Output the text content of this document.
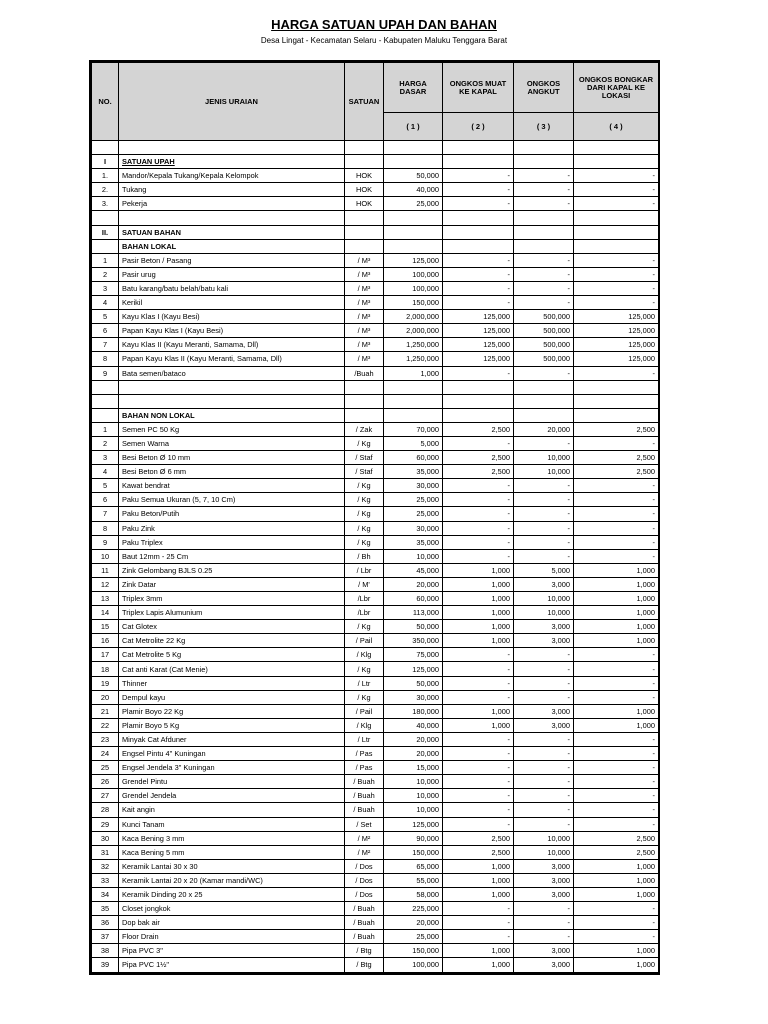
HARGA SATUAN UPAH DAN BAHAN
Desa Lingat - Kecamatan Selaru - Kabupaten Maluku Tenggara Barat
NO.	JENIS URAIAN	SATUAN	HARGA DASAR	ONGKOS MUAT KE KAPAL	ONGKOS ANGKUT	ONGKOS BONGKAR DARI KAPAL KE LOKASI
			( 1 )	( 2 )	( 3 )	( 4 )

I	SATUAN UPAH					
1.	Mandor/Kepala Tukang/Kepala Kelompok	HOK	50,000	-	-	-
2.	Tukang	HOK	40,000	-	-	-
3.	Pekerja	HOK	25,000	-	-	-

II.	SATUAN BAHAN					
	BAHAN LOKAL					
1	Pasir Beton / Pasang	/ M³	125,000	-	-	-
2	Pasir urug	/ M³	100,000	-	-	-
3	Batu karang/batu belah/batu kali	/ M³	100,000	-	-	-
4	Kerikil	/ M³	150,000	-	-	-
5	Kayu Klas I (Kayu Besi)	/ M³	2,000,000	125,000	500,000	125,000
6	Papan Kayu Klas I (Kayu Besi)	/ M³	2,000,000	125,000	500,000	125,000
7	Kayu Klas II (Kayu Meranti, Samama, Dll)	/ M³	1,250,000	125,000	500,000	125,000
8	Papan Kayu Klas II (Kayu Meranti, Samama, Dll)	/ M³	1,250,000	125,000	500,000	125,000
9	Bata semen/bataco	/Buah	1,000	-	-	-

	BAHAN NON LOKAL					
1	Semen PC 50 Kg	/ Zak	70,000	2,500	20,000	2,500
2	Semen Warna	/ Kg	5,000	-	-	-
3	Besi Beton Ø 10 mm	/ Staf	60,000	2,500	10,000	2,500
4	Besi Beton Ø 6 mm	/ Staf	35,000	2,500	10,000	2,500
5	Kawat bendrat	/ Kg	30,000	-	-	-
6	Paku Semua Ukuran (5, 7, 10 Cm)	/ Kg	25,000	-	-	-
7	Paku Beton/Putih	/ Kg	25,000	-	-	-
8	Paku Zink	/ Kg	30,000	-	-	-
9	Paku Triplex	/ Kg	35,000	-	-	-
10	Baut 12mm - 25 Cm	/ Bh	10,000	-	-	-
11	Zink Gelombang BJLS 0.25	/ Lbr	45,000	1,000	5,000	1,000
12	Zink Datar	/ M'	20,000	1,000	3,000	1,000
13	Triplex 3mm	/Lbr	60,000	1,000	10,000	1,000
14	Triplex Lapis Alumunium	/Lbr	113,000	1,000	10,000	1,000
15	Cat Glotex	/ Kg	50,000	1,000	3,000	1,000
16	Cat Metrolite 22 Kg	/ Pail	350,000	1,000	3,000	1,000
17	Cat Metrolite 5 Kg	/ Klg	75,000	-	-	-
18	Cat anti Karat (Cat Menie)	/ Kg	125,000	-	-	-
19	Thinner	/ Ltr	50,000	-	-	-
20	Dempul kayu	/ Kg	30,000	-	-	-
21	Plamir Boyo 22 Kg	/ Pail	180,000	1,000	3,000	1,000
22	Plamir Boyo 5 Kg	/ Klg	40,000	1,000	3,000	1,000
23	Minyak Cat Afduner	/ Ltr	20,000	-	-	-
24	Engsel Pintu 4" Kuningan	/ Pas	20,000	-	-	-
25	Engsel Jendela 3" Kuningan	/ Pas	15,000	-	-	-
26	Grendel Pintu	/ Buah	10,000	-	-	-
27	Grendel Jendela	/ Buah	10,000	-	-	-
28	Kait angin	/ Buah	10,000	-	-	-
29	Kunci Tanam	/ Set	125,000	-	-	-
30	Kaca Bening 3 mm	/ M²	90,000	2,500	10,000	2,500
31	Kaca Bening 5 mm	/ M²	150,000	2,500	10,000	2,500
32	Keramik Lantai 30 x 30	/ Dos	65,000	1,000	3,000	1,000
33	Keramik Lantai 20 x 20 (Kamar mandi/WC)	/ Dos	55,000	1,000	3,000	1,000
34	Keramik Dinding 20 x 25	/ Dos	58,000	1,000	3,000	1,000
35	Closet jongkok	/ Buah	225,000	-	-	-
36	Dop bak air	/ Buah	20,000	-	-	-
37	Floor Drain	/ Buah	25,000	-	-	-
38	Pipa PVC 3"	/ Btg	150,000	1,000	3,000	1,000
39	Pipa PVC 1½"	/ Btg	100,000	1,000	3,000	1,000
